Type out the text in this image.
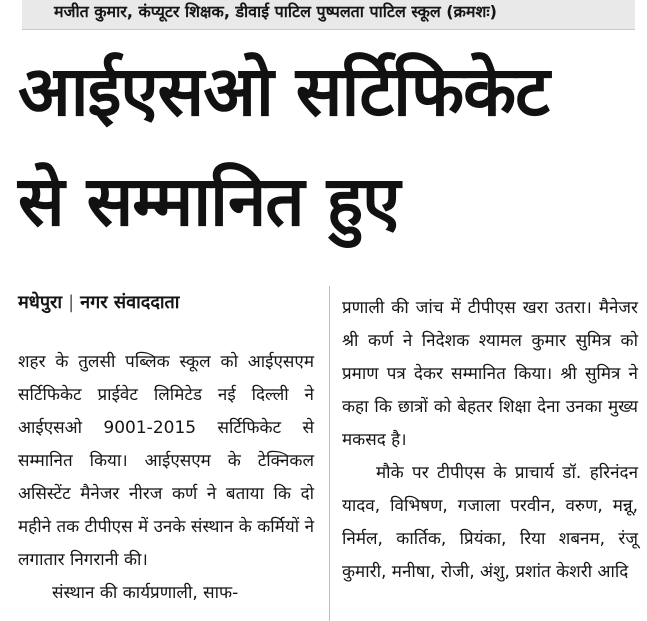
मजीत कुमार, कंप्यूटर शिक्षक, डीवाई पाटिल पुष्पलता पाटिल स्कूल (क्रमशः)
आईएसओ सर्टिफिकेट
से सम्मानित हुए
मधेपुरा | नगर संवाददाता

शहर के तुलसी पब्लिक स्कूल को आईएसएम सर्टिफिकेट प्राईवेट लिमिटेड नई दिल्ली ने आईएसओ 9001-2015 सर्टिफिकेट से सम्मानित किया। आईएसएम के टेक्निकल असिस्टेंट मैनेजर नीरज कर्ण ने बताया कि दो महीने तक टीपीएस में उनके संस्थान के कर्मियों ने लगातार निगरानी की।

संस्थान की कार्यप्रणाली, साफ-

प्रणाली की जांच में टीपीएस खरा उतरा। मैनेजर श्री कर्ण ने निदेशक श्यामल कुमार सुमित्र को प्रमाण पत्र देकर सम्मानित किया। श्री सुमित्र ने कहा कि छात्रों को बेहतर शिक्षा देना उनका मुख्य मकसद है।

मौके पर टीपीएस के प्राचार्य डॉ. हरिनंदन यादव, विभिषण, गजाला परवीन, वरुण, मन्नू, निर्मल, कार्तिक, प्रियंका, रिया शबनम, रंजू कुमारी, मनीषा, रोजी, अंशु, प्रशांत केशरी आदि
